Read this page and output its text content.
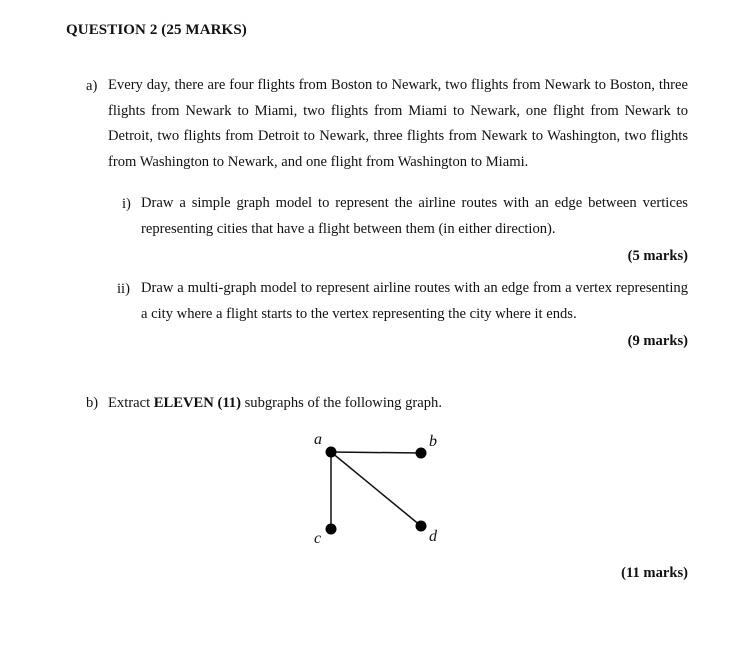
QUESTION 2 (25 MARKS)
a) Every day, there are four flights from Boston to Newark, two flights from Newark to Boston, three flights from Newark to Miami, two flights from Miami to Newark, one flight from Newark to Detroit, two flights from Detroit to Newark, three flights from Newark to Washington, two flights from Washington to Newark, and one flight from Washington to Miami.

i) Draw a simple graph model to represent the airline routes with an edge between vertices representing cities that have a flight between them (in either direction).

(5 marks)
ii) Draw a multi-graph model to represent airline routes with an edge from a vertex representing a city where a flight starts to the vertex representing the city where it ends.

(9 marks)
b) Extract ELEVEN (11) subgraphs of the following graph.
a	b
c	d
(11 marks)
